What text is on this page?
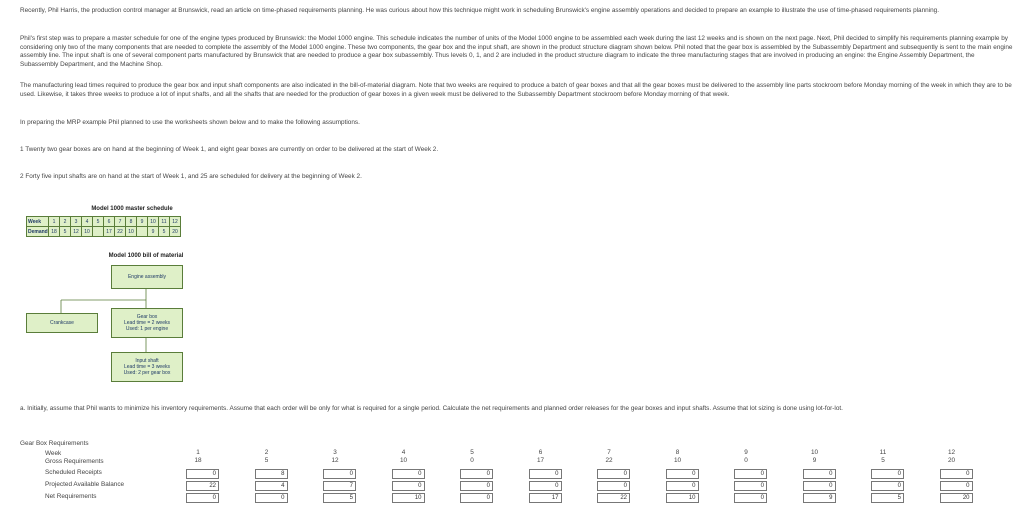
Recently, Phil Harris, the production control manager at Brunswick, read an article on time-phased requirements planning. He was curious about how this technique might work in scheduling Brunswick's engine assembly operations and decided to prepare an example to illustrate the use of time-phased requirements planning.

Phil's first step was to prepare a master schedule for one of the engine types produced by Brunswick: the Model 1000 engine. This schedule indicates the number of units of the Model 1000 engine to be assembled each week during the last 12 weeks and is shown on the next page. Next, Phil decided to simplify his requirements planning example by considering only two of the many components that are needed to complete the assembly of the Model 1000 engine. These two components, the gear box and the input shaft, are shown in the product structure diagram shown below. Phil noted that the gear box is assembled by the Subassembly Department and subsequently is sent to the main engine assembly line. The input shaft is one of several component parts manufactured by Brunswick that are needed to produce a gear box subassembly. Thus levels 0, 1, and 2 are included in the product structure diagram to indicate the three manufacturing stages that are involved in producing an engine: the Engine Assembly Department, the Subassembly Department, and the Machine Shop.

The manufacturing lead times required to produce the gear box and input shaft components are also indicated in the bill-of-material diagram. Note that two weeks are required to produce a batch of gear boxes and that all the gear boxes must be delivered to the assembly line parts stockroom before Monday morning of the week in which they are to be used. Likewise, it takes three weeks to produce a lot of input shafts, and all the shafts that are needed for the production of gear boxes in a given week must be delivered to the Subassembly Department stockroom before Monday morning of that week.

In preparing the MRP example Phil planned to use the worksheets shown below and to make the following assumptions.

1 Twenty two gear boxes are on hand at the beginning of Week 1, and eight gear boxes are currently on order to be delivered at the start of Week 2.

2 Forty five input shafts are on hand at the start of Week 1, and 25 are scheduled for delivery at the beginning of Week 2.

Model 1000 master schedule
Week	1	2	3	4	5	6	7	8	9	10	11	12
Demand	18	5	12	10		17	22	10		9	5	20
Model 1000 bill of material
Engine assembly
Crankcase
Gear box
Lead time = 2 weeks
Used: 1 per engine
Input shaft
Lead time = 3 weeks
Used: 2 per gear box

a. Initially, assume that Phil wants to minimize his inventory requirements. Assume that each order will be only for what is required for a single period. Calculate the net requirements and planned order releases for the gear boxes and input shafts. Assume that lot sizing is done using lot-for-lot.

Gear Box Requirements
Week	1	2	3	4	5	6	7	8	9	10	11	12
Gross Requirements	18	5	12	10	0	17	22	10	0	9	5	20
Scheduled Receipts	0	8	0	0	0	0	0	0	0	0	0	0
Projected Available Balance	22	4	7	0	0	0	0	0	0	0	0	0
Net Requirements	0	0	5	10	0	17	22	10	0	9	5	20
